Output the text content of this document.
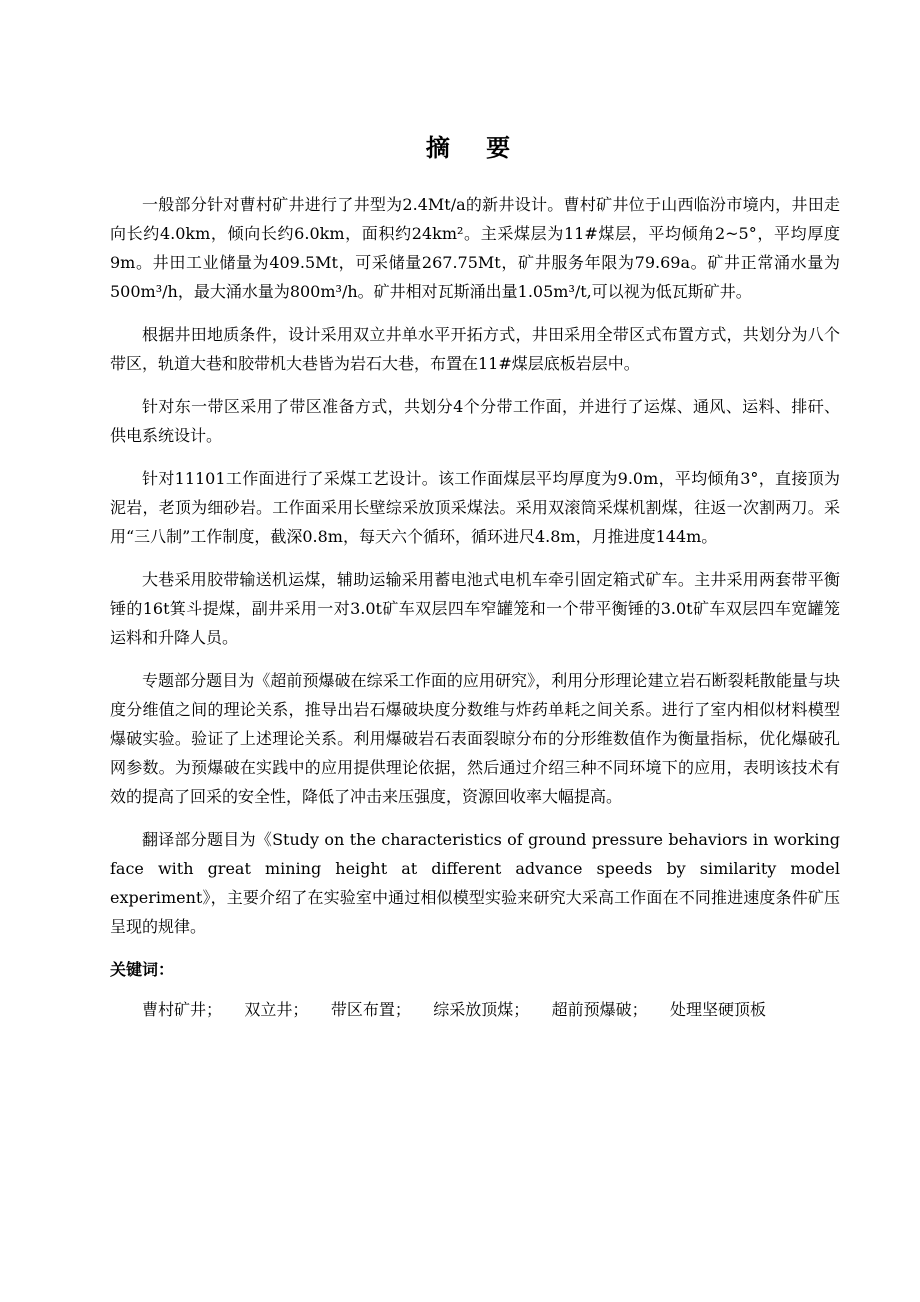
摘 要

一般部分针对曹村矿井进行了井型为2.4Mt/a的新井设计。曹村矿井位于山西临汾市境内，井田走向长约4.0km，倾向长约6.0km，面积约24km²。主采煤层为11#煤层，平均倾角2~5°，平均厚度9m。井田工业储量为409.5Mt，可采储量267.75Mt，矿井服务年限为79.69a。矿井正常涌水量为500m³/h，最大涌水量为800m³/h。矿井相对瓦斯涌出量1.05m³/t,可以视为低瓦斯矿井。

根据井田地质条件，设计采用双立井单水平开拓方式，井田采用全带区式布置方式，共划分为八个带区，轨道大巷和胶带机大巷皆为岩石大巷，布置在11#煤层底板岩层中。

针对东一带区采用了带区准备方式，共划分4个分带工作面，并进行了运煤、通风、运料、排矸、供电系统设计。

针对11101工作面进行了采煤工艺设计。该工作面煤层平均厚度为9.0m，平均倾角3°，直接顶为泥岩，老顶为细砂岩。工作面采用长壁综采放顶采煤法。采用双滚筒采煤机割煤，往返一次割两刀。采用“三八制”工作制度，截深0.8m，每天六个循环，循环进尺4.8m，月推进度144m。

大巷采用胶带输送机运煤，辅助运输采用蓄电池式电机车牵引固定箱式矿车。主井采用两套带平衡锤的16t箕斗提煤，副井采用一对3.0t矿车双层四车窄罐笼和一个带平衡锤的3.0t矿车双层四车宽罐笼运料和升降人员。

专题部分题目为《超前预爆破在综采工作面的应用研究》，利用分形理论建立岩石断裂耗散能量与块度分维值之间的理论关系，推导出岩石爆破块度分数维与炸药单耗之间关系。进行了室内相似材料模型爆破实验。验证了上述理论关系。利用爆破岩石表面裂晾分布的分形维数值作为衡量指标，优化爆破孔网参数。为预爆破在实践中的应用提供理论依据，然后通过介绍三种不同环境下的应用，表明该技术有效的提高了回采的安全性，降低了冲击来压强度，资源回收率大幅提高。

翻译部分题目为《Study on the characteristics of ground pressure behaviors in working face with great mining height at different advance speeds by similarity model experiment》，主要介绍了在实验室中通过相似模型实验来研究大采高工作面在不同推进速度条件矿压呈现的规律。

关键词：
曹村矿井； 双立井； 带区布置； 综采放顶煤； 超前预爆破； 处理坚硬顶板
